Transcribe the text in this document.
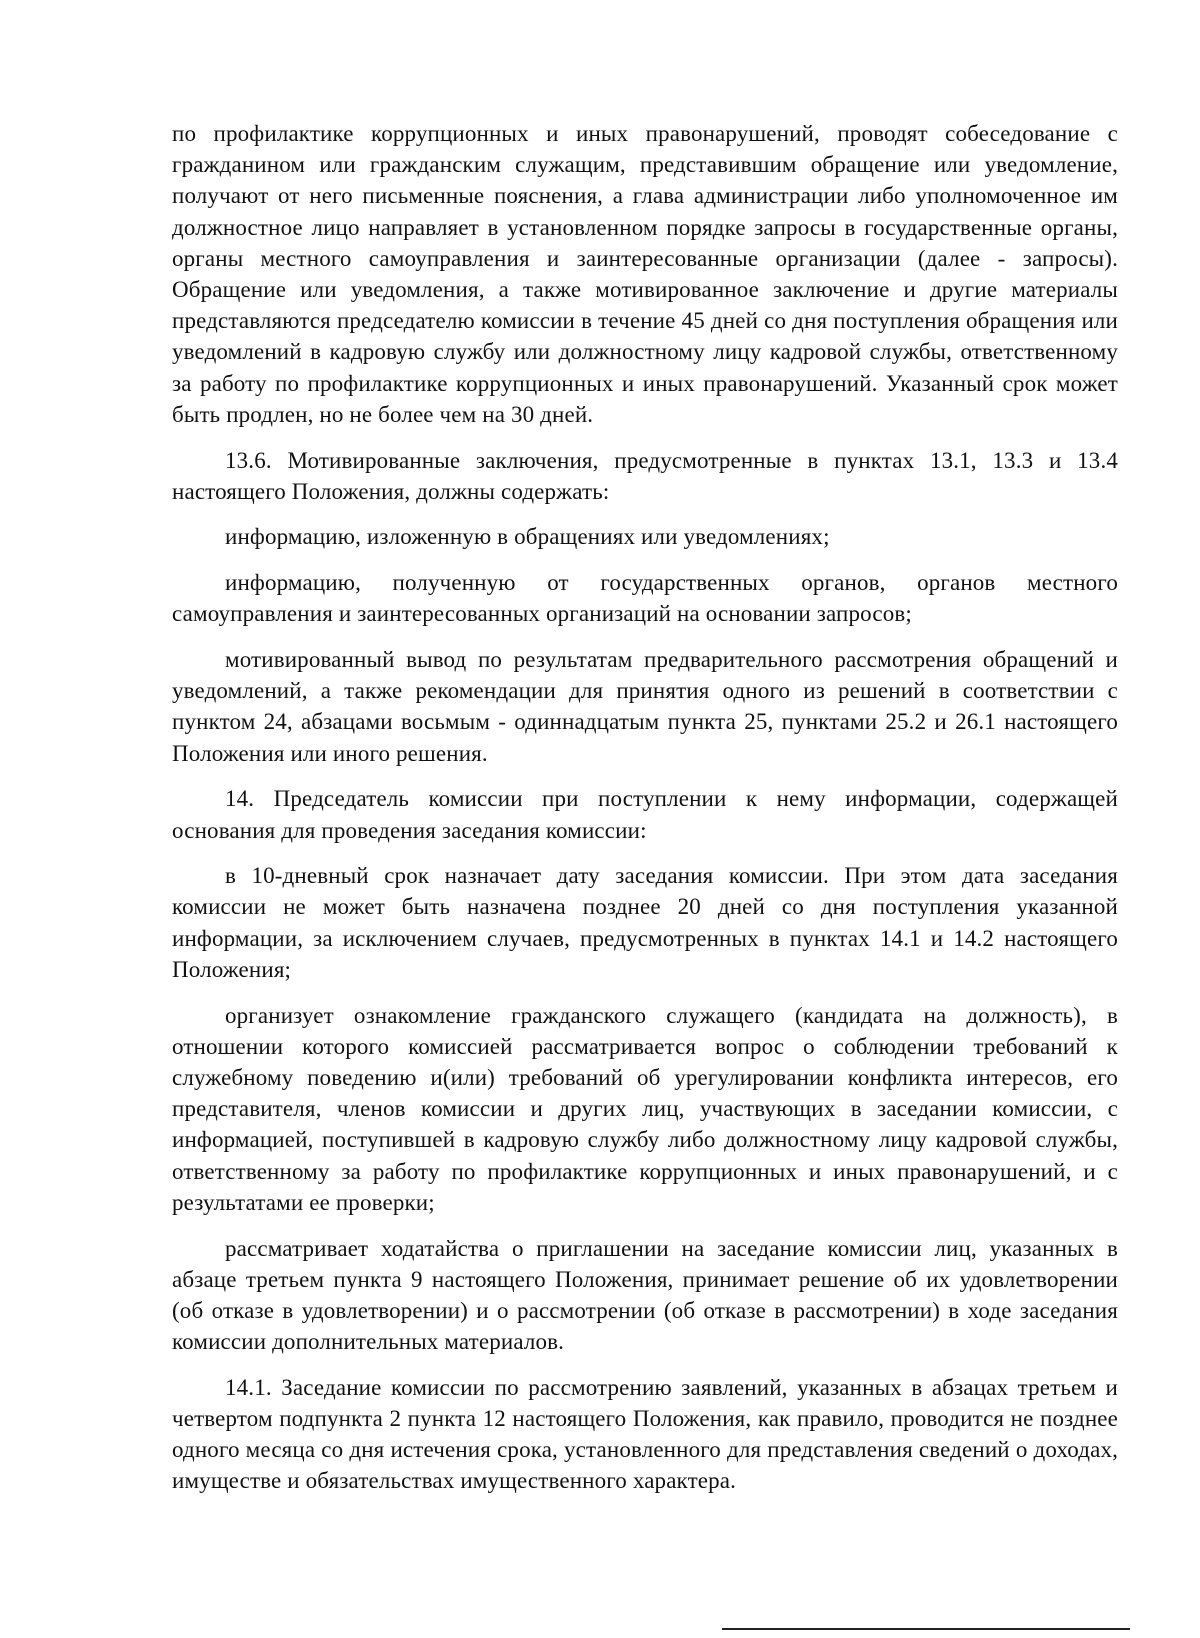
по профилактике коррупционных и иных правонарушений, проводят собеседование с гражданином или гражданским служащим, представившим обращение или уведомление, получают от него письменные пояснения, а глава администрации либо уполномоченное им должностное лицо направляет в установленном порядке запросы в государственные органы, органы местного самоуправления и заинтересованные организации (далее - запросы). Обращение или уведомления, а также мотивированное заключение и другие материалы представляются председателю комиссии в течение 45 дней со дня поступления обращения или уведомлений в кадровую службу или должностному лицу кадровой службы, ответственному за работу по профилактике коррупционных и иных правонарушений. Указанный срок может быть продлен, но не более чем на 30 дней.

13.6. Мотивированные заключения, предусмотренные в пунктах 13.1, 13.3 и 13.4 настоящего Положения, должны содержать:

информацию, изложенную в обращениях или уведомлениях;

информацию, полученную от государственных органов, органов местного самоуправления и заинтересованных организаций на основании запросов;

мотивированный вывод по результатам предварительного рассмотрения обращений и уведомлений, а также рекомендации для принятия одного из решений в соответствии с пунктом 24, абзацами восьмым - одиннадцатым пункта 25, пунктами 25.2 и 26.1 настоящего Положения или иного решения.

14. Председатель комиссии при поступлении к нему информации, содержащей основания для проведения заседания комиссии:

в 10-дневный срок назначает дату заседания комиссии. При этом дата заседания комиссии не может быть назначена позднее 20 дней со дня поступления указанной информации, за исключением случаев, предусмотренных в пунктах 14.1 и 14.2 настоящего Положения;

организует ознакомление гражданского служащего (кандидата на должность), в отношении которого комиссией рассматривается вопрос о соблюдении требований к служебному поведению и(или) требований об урегулировании конфликта интересов, его представителя, членов комиссии и других лиц, участвующих в заседании комиссии, с информацией, поступившей в кадровую службу либо должностному лицу кадровой службы, ответственному за работу по профилактике коррупционных и иных правонарушений, и с результатами ее проверки;

рассматривает ходатайства о приглашении на заседание комиссии лиц, указанных в абзаце третьем пункта 9 настоящего Положения, принимает решение об их удовлетворении (об отказе в удовлетворении) и о рассмотрении (об отказе в рассмотрении) в ходе заседания комиссии дополнительных материалов.

14.1. Заседание комиссии по рассмотрению заявлений, указанных в абзацах третьем и четвертом подпункта 2 пункта 12 настоящего Положения, как правило, проводится не позднее одного месяца со дня истечения срока, установленного для представления сведений о доходах, имуществе и обязательствах имущественного характера.
